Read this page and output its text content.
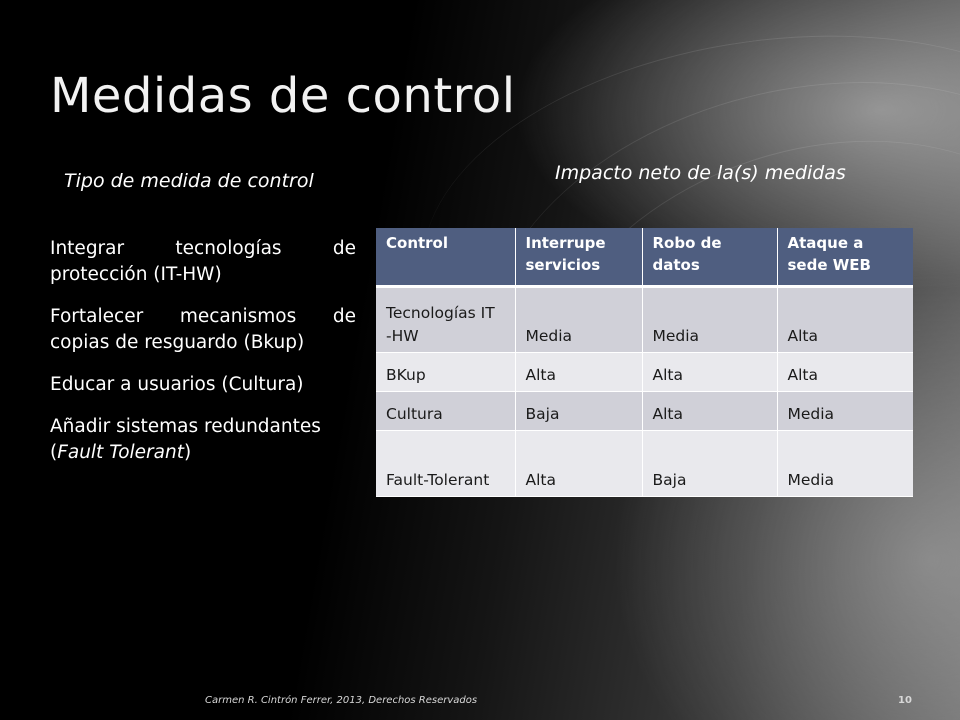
Medidas de control
Tipo de medida de control	Impacto neto de la(s) medidas

Integrar tecnologías de protección (IT-HW)

Fortalecer mecanismos de copias de resguardo (Bkup)

Educar a usuarios (Cultura)

Añadir sistemas redundantes (Fault Tolerant)

Control	Interrupe servicios	Robo de datos	Ataque a sede WEB
Tecnologías IT -HW	Media	Media	Alta
BKup	Alta	Alta	Alta
Cultura	Baja	Alta	Media
Fault-Tolerant	Alta	Baja	Media
Carmen R. Cintrón Ferrer, 2013, Derechos Reservados	10
